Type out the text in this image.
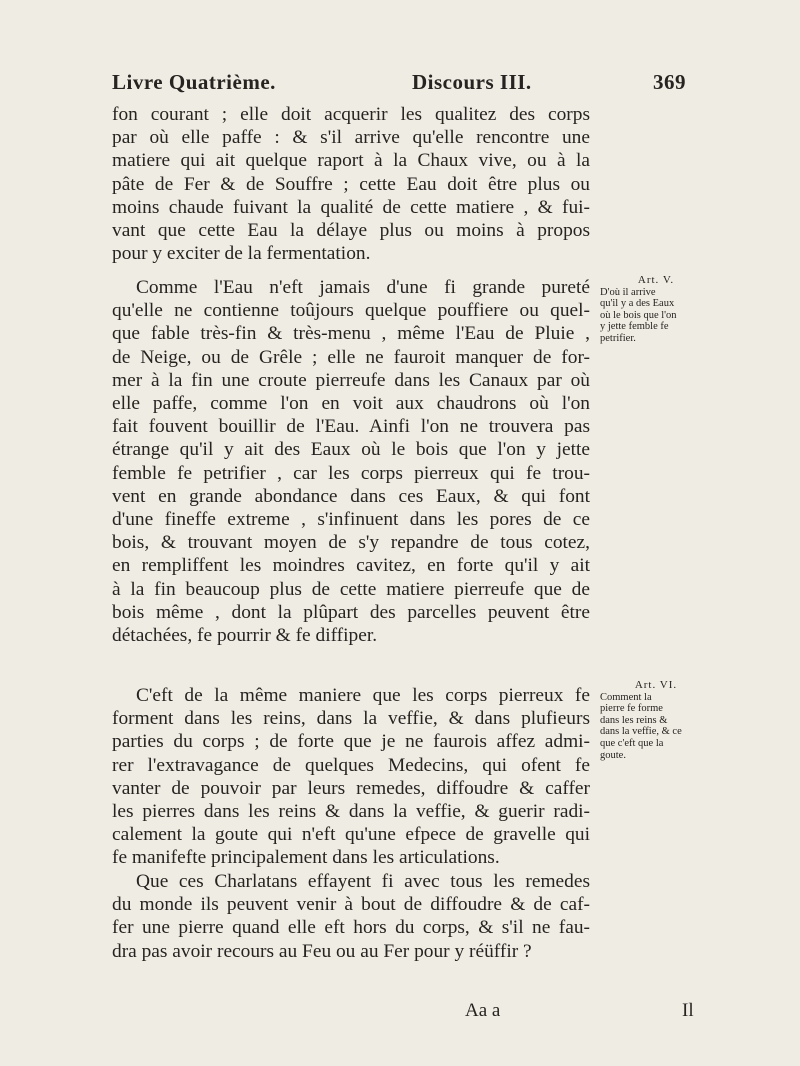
Livre Quatrième.	Discours III.	369
fon courant ; elle doit acquerir les qualitez des corps
par où elle paffe : & s'il arrive qu'elle rencontre une
matiere qui ait quelque raport à la Chaux vive, ou à la
pâte de Fer & de Souffre ; cette Eau doit être plus ou
moins chaude fuivant la qualité de cette matiere , & fui-
vant que cette Eau la délaye plus ou moins à propos
pour y exciter de la fermentation.
Comme l'Eau n'eft jamais d'une fi grande pureté
qu'elle ne contienne toûjours quelque pouffiere ou quel-
que fable très-fin & très-menu , même l'Eau de Pluie ,
de Neige, ou de Grêle ; elle ne fauroit manquer de for-
mer à la fin une croute pierreufe dans les Canaux par où
elle paffe, comme l'on en voit aux chaudrons où l'on
fait fouvent bouillir de l'Eau. Ainfi l'on ne trouvera pas
étrange qu'il y ait des Eaux où le bois que l'on y jette
femble fe petrifier , car les corps pierreux qui fe trou-
vent en grande abondance dans ces Eaux, & qui font
d'une fineffe extreme , s'infinuent dans les pores de ce
bois, & trouvant moyen de s'y repandre de tous cotez,
en rempliffent les moindres cavitez, en forte qu'il y ait
à la fin beaucoup plus de cette matiere pierreufe que de
bois même , dont la plûpart des parcelles peuvent être
détachées, fe pourrir & fe diffiper.
Art. V.
D'où il arrive
qu'il y a des Eaux
où le bois que l'on
y jette femble fe
petrifier.
C'eft de la même maniere que les corps pierreux fe
forment dans les reins, dans la veffie, & dans plufieurs
parties du corps ; de forte que je ne faurois affez admi-
rer l'extravagance de quelques Medecins, qui ofent fe
vanter de pouvoir par leurs remedes, diffoudre & caffer
les pierres dans les reins & dans la veffie, & guerir radi-
calement la goute qui n'eft qu'une efpece de gravelle qui
fe manifefte principalement dans les articulations.
Art. VI.
Comment la
pierre fe forme
dans les reins &
dans la veffie, & ce
que c'eft que la
goute.
Que ces Charlatans effayent fi avec tous les remedes
du monde ils peuvent venir à bout de diffoudre & de caf-
fer une pierre quand elle eft hors du corps, & s'il ne fau-
dra pas avoir recours au Feu ou au Fer pour y réüffir ?
Aa a	Il
